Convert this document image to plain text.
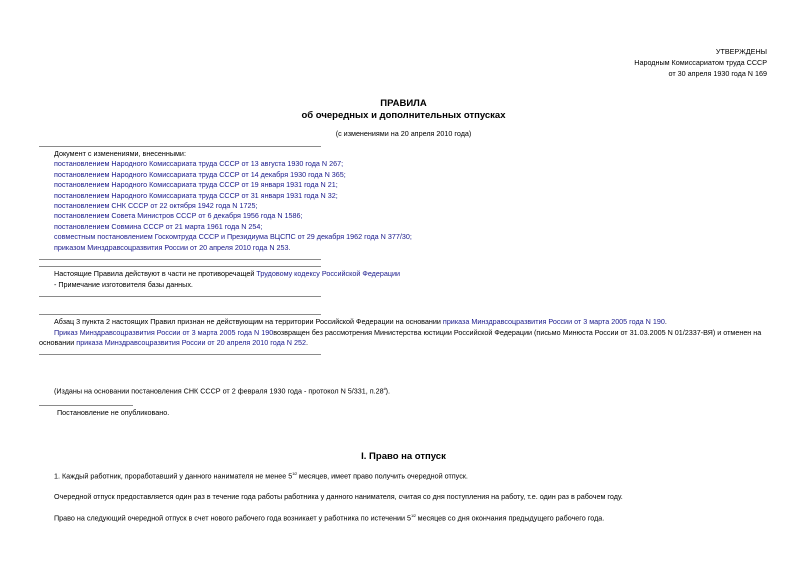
УТВЕРЖДЕНЫ
Народным Комиссариатом труда СССР
от 30 апреля 1930 года N 169
ПРАВИЛА
об очередных и дополнительных отпусках
(с изменениями на 20 апреля 2010 года)
Документ с изменениями, внесенными:
постановлением Народного Комиссариата труда СССР от 13 августа 1930 года N 267;
постановлением Народного Комиссариата труда СССР от 14 декабря 1930 года N 365;
постановлением Народного Комиссариата труда СССР от 19 января 1931 года N 21;
постановлением Народного Комиссариата труда СССР от 31 января 1931 года N 32;
постановлением СНК СССР от 22 октября 1942 года N 1725;
постановлением Совета Министров СССР от 6 декабря 1956 года N 1586;
постановлением Совмина СССР от 21 марта 1961 года N 254;
совместным постановлением Госкомтруда СССР и Президиума ВЦСПС от 29 декабря 1962 года N 377/30;
приказом Минздравсоцразвития России от 20 апреля 2010 года N 253.
Настоящие Правила действуют в части не противоречащей Трудовому кодексу Российской Федерации
- Примечание изготовителя базы данных.
Абзац 3 пункта 2 настоящих Правил признан не действующим на территории Российской Федерации на основании приказа Минздравсоцразвития России от 3 марта 2005 года N 190.
Приказ Минздравсоцразвития России от 3 марта 2005 года N 190возвращен без рассмотрения Министерства юстиции Российской Федерации (письмо Минюста России от 31.03.2005 N 01/2337-ВЯ) и отменен на
основании приказа Минздравсоцразвития России от 20 апреля 2010 года N 252.
(Изданы на основании постановления СНК СССР от 2 февраля 1930 года - протокол N 5/331, п.28#).
Постановление не опубликовано.
I. Право на отпуск
1. Каждый работник, проработавший у данного нанимателя не менее $5^{1/2}$ месяцев, имеет право получить очередной отпуск.
Очередной отпуск предоставляется один раз в течение года работы работника у данного нанимателя, считая со дня поступления на работу, т.е. один раз в рабочем году.
Право на следующий очередной отпуск в счет нового рабочего года возникает у работника по истечении $5^{1/2}$ месяцев со дня окончания предыдущего рабочего года.
